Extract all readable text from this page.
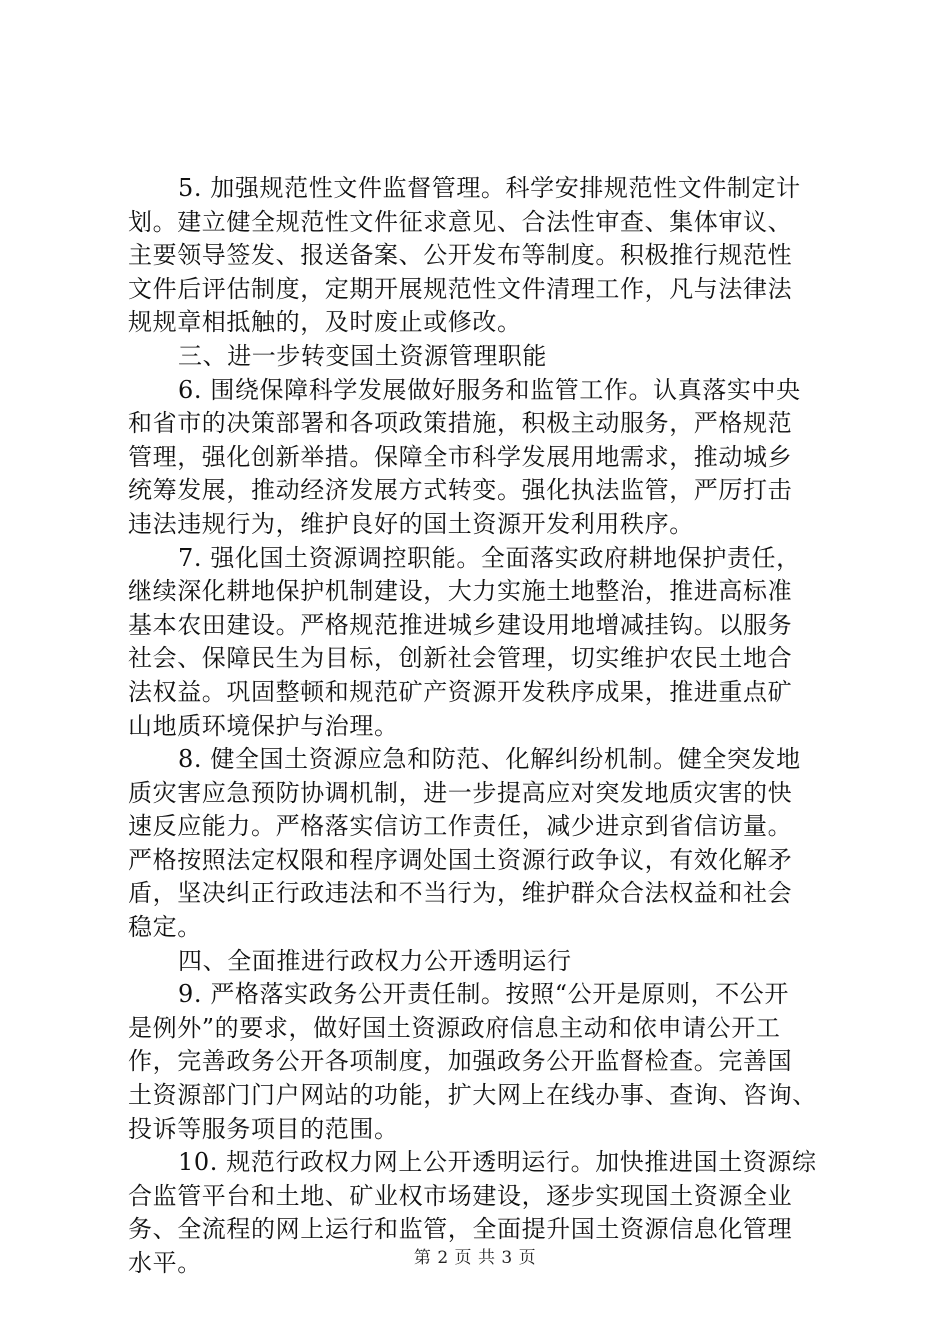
5. 加强规范性文件监督管理。科学安排规范性文件制定计
划。建立健全规范性文件征求意见、合法性审查、集体审议、
主要领导签发、报送备案、公开发布等制度。积极推行规范性
文件后评估制度，定期开展规范性文件清理工作，凡与法律法
规规章相抵触的，及时废止或修改。
三、进一步转变国土资源管理职能
6. 围绕保障科学发展做好服务和监管工作。认真落实中央
和省市的决策部署和各项政策措施，积极主动服务，严格规范
管理，强化创新举措。保障全市科学发展用地需求，推动城乡
统筹发展，推动经济发展方式转变。强化执法监管，严厉打击
违法违规行为，维护良好的国土资源开发利用秩序。
7. 强化国土资源调控职能。全面落实政府耕地保护责任，
继续深化耕地保护机制建设，大力实施土地整治，推进高标准
基本农田建设。严格规范推进城乡建设用地增减挂钩。以服务
社会、保障民生为目标，创新社会管理，切实维护农民土地合
法权益。巩固整顿和规范矿产资源开发秩序成果，推进重点矿
山地质环境保护与治理。
8. 健全国土资源应急和防范、化解纠纷机制。健全突发地
质灾害应急预防协调机制，进一步提高应对突发地质灾害的快
速反应能力。严格落实信访工作责任，减少进京到省信访量。
严格按照法定权限和程序调处国土资源行政争议，有效化解矛
盾，坚决纠正行政违法和不当行为，维护群众合法权益和社会
稳定。
四、全面推进行政权力公开透明运行
9. 严格落实政务公开责任制。按照“公开是原则，不公开
是例外”的要求，做好国土资源政府信息主动和依申请公开工
作，完善政务公开各项制度，加强政务公开监督检查。完善国
土资源部门门户网站的功能，扩大网上在线办事、查询、咨询、
投诉等服务项目的范围。
10. 规范行政权力网上公开透明运行。加快推进国土资源综
合监管平台和土地、矿业权市场建设，逐步实现国土资源全业
务、全流程的网上运行和监管，全面提升国土资源信息化管理
水平。	第 2 页 共 3 页
